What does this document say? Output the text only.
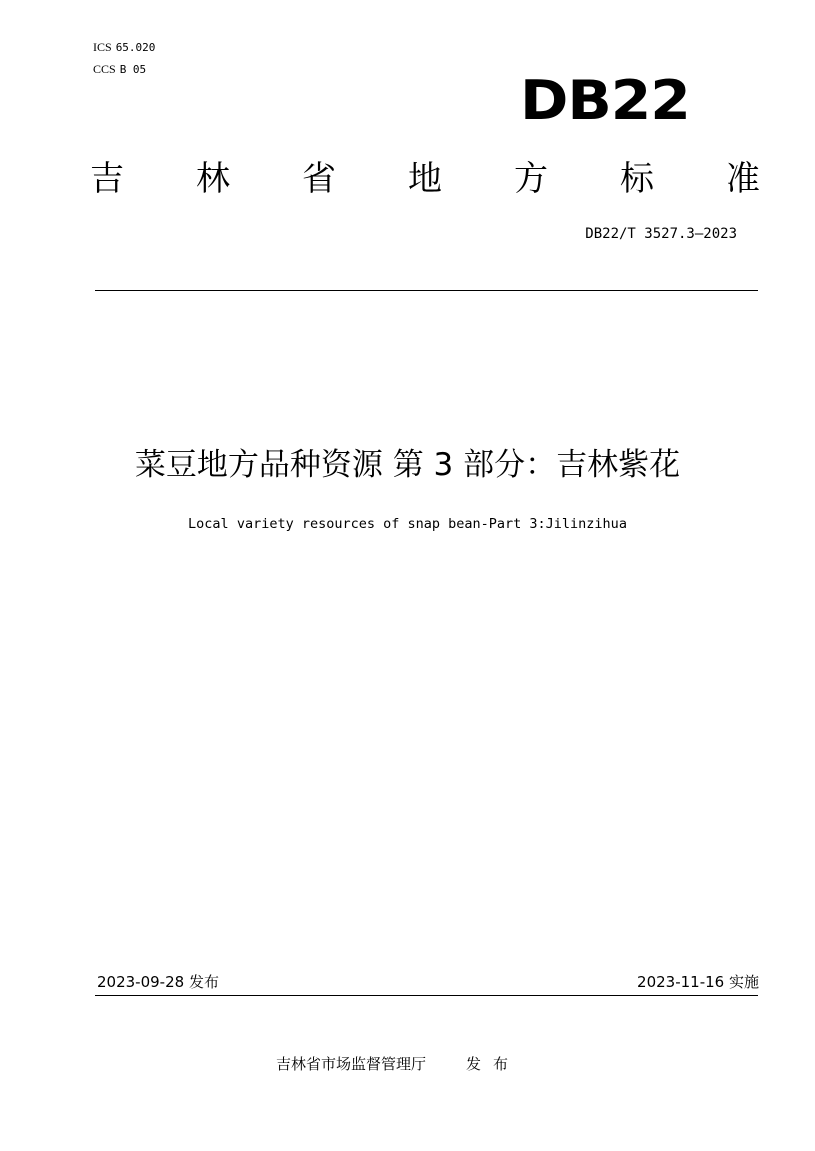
ICS 65.020
CCS B 05	DB22
吉 林 省 地 方 标 准
DB22/T 3527.3—2023
菜豆地方品种资源 第 3 部分：吉林紫花
Local variety resources of snap bean-Part 3:Jilinzihua
2023-09-28 发布	2023-11-16 实施
吉林省市场监督管理厅	发布
